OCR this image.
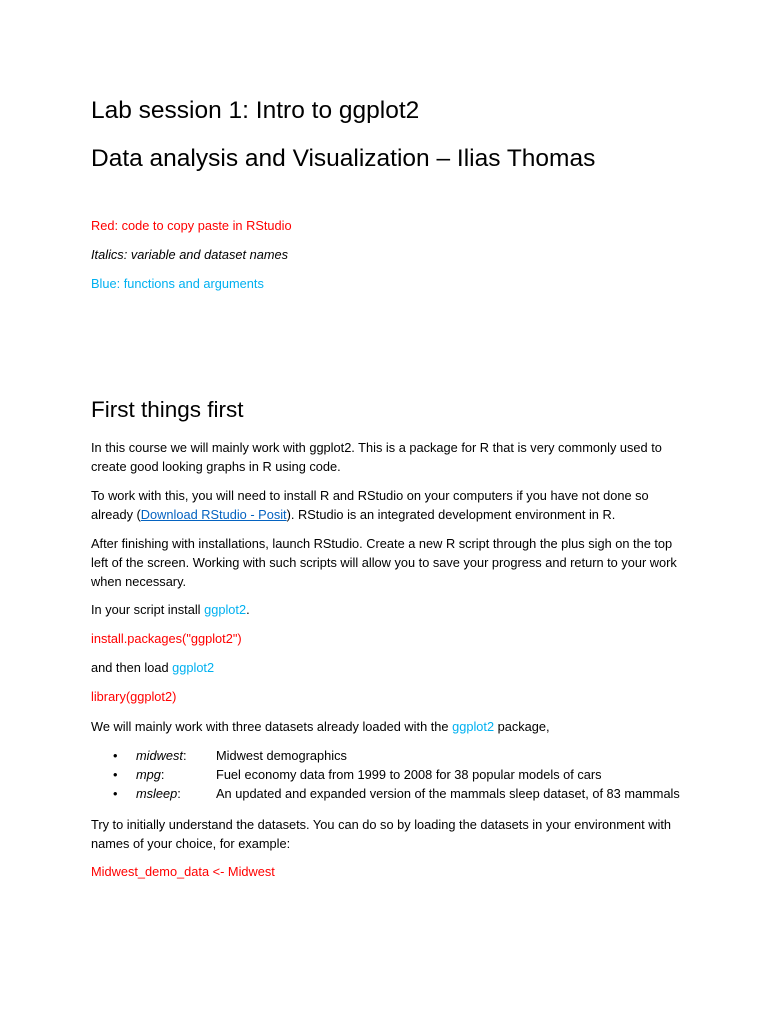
Lab session 1: Intro to ggplot2
Data analysis and Visualization – Ilias Thomas

Red: code to copy paste in RStudio

Italics: variable and dataset names

Blue: functions and arguments

First things first

In this course we will mainly work with ggplot2. This is a package for R that is very commonly used to create good looking graphs in R using code.

To work with this, you will need to install R and RStudio on your computers if you have not done so already (Download RStudio - Posit). RStudio is an integrated development environment in R.

After finishing with installations, launch RStudio. Create a new R script through the plus sigh on the top left of the screen. Working with such scripts will allow you to save your progress and return to your work when necessary.

In your script install ggplot2.

install.packages("ggplot2")

and then load ggplot2

library(ggplot2)

We will mainly work with three datasets already loaded with the ggplot2 package,

• midwest: Midwest demographics
• mpg:	Fuel economy data from 1999 to 2008 for 38 popular models of cars
• msleep:	An updated and expanded version of the mammals sleep dataset, of 83 mammals

Try to initially understand the datasets. You can do so by loading the datasets in your environment with names of your choice, for example:

Midwest_demo_data <- Midwest
